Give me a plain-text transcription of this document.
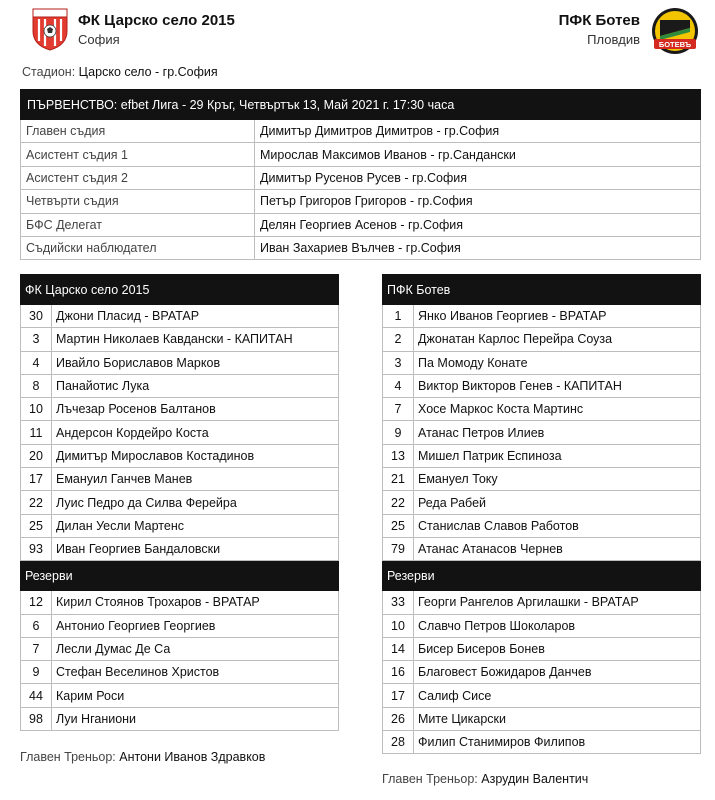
ФК Царско село 2015
София
ПФК Ботев
Пловдив	БОТЕВЪ
Стадион: Царско село - гр.София
ПЪРВЕНСТВО: efbet Лига - 29 Кръг, Четвъртък 13, Май 2021 г. 17:30 часа	
Главен съдия	Димитър Димитров Димитров - гр.София
Асистент съдия 1	Мирослав Максимов Иванов - гр.Сандански
Асистент съдия 2	Димитър Русенов Русев - гр.София
Четвърти съдия	Петър Григоров Григоров - гр.София
БФС Делегат	Делян Георгиев Асенов - гр.София
Съдийски наблюдател	Иван Захариев Вълчев - гр.София
ФК Царско село 2015	
30	Джони Пласид - ВРАТАР
3	Мартин Николаев Кавдански - КАПИТАН
4	Ивайло Бориславов Марков
8	Панайотис Лука
10	Лъчезар Росенов Балтанов
11	Андерсон Кордейро Коста
20	Димитър Мирославов Костадинов
17	Емануил Ганчев Манев
22	Луис Педро да Силва Ферейра
25	Дилан Уесли Мартенс
93	Иван Георгиев Бандаловски
Резерви	
12	Кирил Стоянов Трохаров - ВРАТАР
6	Антонио Георгиев Георгиев
7	Лесли Думас Де Са
9	Стефан Веселинов Христов
44	Карим Роси
98	Луи Нганиони
Главен Треньор: Антони Иванов Здравков
ПФК Ботев	
1	Янко Иванов Георгиев - ВРАТАР
2	Джонатан Карлос Перейра Соуза
3	Па Момоду Конате
4	Виктор Викторов Генев - КАПИТАН
7	Хосе Маркос Коста Мартинс
9	Атанас Петров Илиев
13	Мишел Патрик Еспиноза
21	Емануел Току
22	Реда Рабей
25	Станислав Славов Работов
79	Атанас Атанасов Чернев
Резерви	
33	Георги Рангелов Аргилашки - ВРАТАР
10	Славчо Петров Шоколаров
14	Бисер Бисеров Бонев
16	Благовест Божидаров Данчев
17	Салиф Сисе
26	Мите Цикарски
28	Филип Станимиров Филипов
Главен Треньор: Азрудин Валентич
